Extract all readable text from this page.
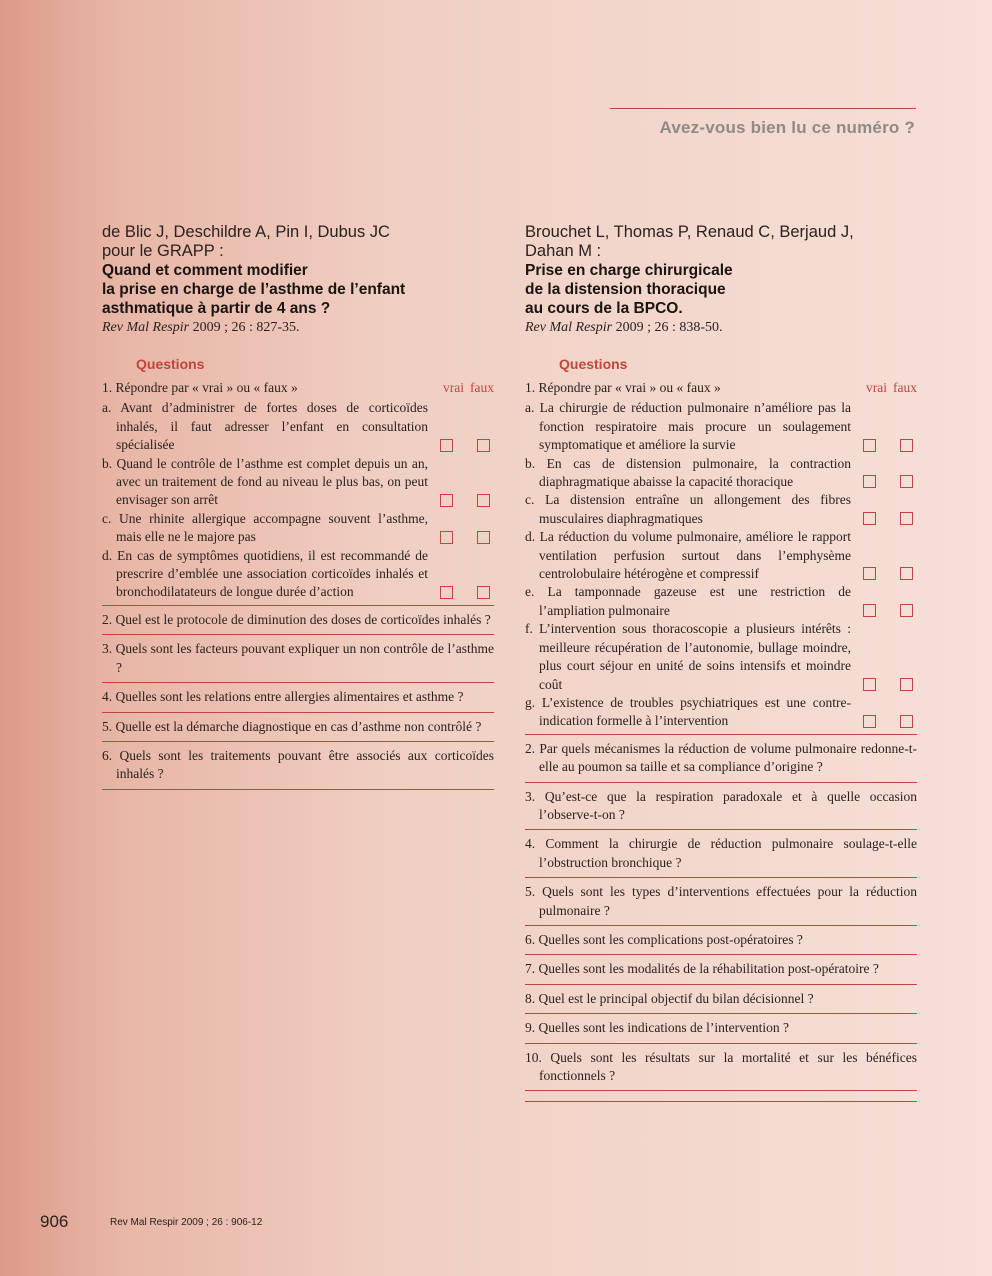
Avez-vous bien lu ce numéro ?
de Blic J, Deschildre A, Pin I, Dubus JC
pour le GRAPP :
Quand et comment modifier
la prise en charge de l’asthme de l’enfant
asthmatique à partir de 4 ans ?
Rev Mal Respir 2009 ; 26 : 827-35.
Questions
1. Répondre par « vrai » ou « faux »	vrai faux
a. Avant d’administrer de fortes doses de corticoïdes inhalés, il faut adresser l’enfant en consultation spécialisée
b. Quand le contrôle de l’asthme est complet depuis un an, avec un traitement de fond au niveau le plus bas, on peut envisager son arrêt
c. Une rhinite allergique accompagne souvent l’asthme, mais elle ne le majore pas
d. En cas de symptômes quotidiens, il est recommandé de prescrire d’emblée une association corticoïdes inhalés et bronchodilatateurs de longue durée d’action
2. Quel est le protocole de diminution des doses de corticoïdes inhalés ?
3. Quels sont les facteurs pouvant expliquer un non contrôle de l’asthme ?
4. Quelles sont les relations entre allergies alimentaires et asthme ?
5. Quelle est la démarche diagnostique en cas d’asthme non contrôlé ?
6. Quels sont les traitements pouvant être associés aux corticoïdes inhalés ?
Brouchet L, Thomas P, Renaud C, Berjaud J,
Dahan M :
Prise en charge chirurgicale
de la distension thoracique
au cours de la BPCO.
Rev Mal Respir 2009 ; 26 : 838-50.
Questions
1. Répondre par « vrai » ou « faux »	vrai faux
a. La chirurgie de réduction pulmonaire n’améliore pas la fonction respiratoire mais procure un soulagement symptomatique et améliore la survie
b. En cas de distension pulmonaire, la contraction diaphragmatique abaisse la capacité thoracique
c. La distension entraîne un allongement des fibres musculaires diaphragmatiques
d. La réduction du volume pulmonaire, améliore le rapport ventilation perfusion surtout dans l’emphysème centrolobulaire hétérogène et compressif
e. La tamponnade gazeuse est une restriction de l’ampliation pulmonaire
f. L’intervention sous thoracoscopie a plusieurs intérêts : meilleure récupération de l’autonomie, bullage moindre, plus court séjour en unité de soins intensifs et moindre coût
g. L’existence de troubles psychiatriques est une contre-indication formelle à l’intervention
2. Par quels mécanismes la réduction de volume pulmonaire redonne-t-elle au poumon sa taille et sa compliance d’origine ?
3. Qu’est-ce que la respiration paradoxale et à quelle occasion l’observe-t-on ?
4. Comment la chirurgie de réduction pulmonaire soulage-t-elle l’obstruction bronchique ?
5. Quels sont les types d’interventions effectuées pour la réduction pulmonaire ?
6. Quelles sont les complications post-opératoires ?
7. Quelles sont les modalités de la réhabilitation post-opératoire ?
8. Quel est le principal objectif du bilan décisionnel ?
9. Quelles sont les indications de l’intervention ?
10. Quels sont les résultats sur la mortalité et sur les bénéfices fonctionnels ?
906	Rev Mal Respir 2009 ; 26 : 906-12
